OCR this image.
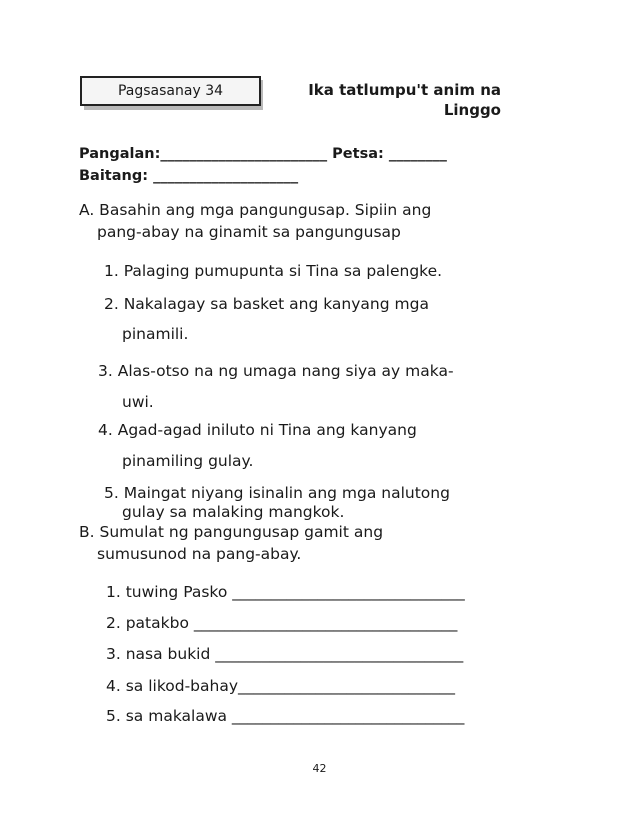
Pagsasanay 34	Ika tatlumpu't anim na
Linggo
Pangalan:_______________________ Petsa: ________
Baitang: ____________________
A. Basahin ang mga pangungusap. Sipiin ang
pang-abay na ginamit sa pangungusap
1. Palaging pumupunta si Tina sa palengke.
2. Nakalagay sa basket ang kanyang mga
pinamili.
3. Alas-otso na ng umaga nang siya ay maka-
uwi.
4. Agad-agad iniluto ni Tina ang kanyang
pinamiling gulay.
5. Maingat niyang isinalin ang mga nalutong
gulay sa malaking mangkok.
B. Sumulat ng pangungusap gamit ang
sumusunod na pang-abay.
1. tuwing Pasko ______________________________
2. patakbo __________________________________
3. nasa bukid ________________________________
4. sa likod-bahay____________________________
5. sa makalawa ______________________________
42
